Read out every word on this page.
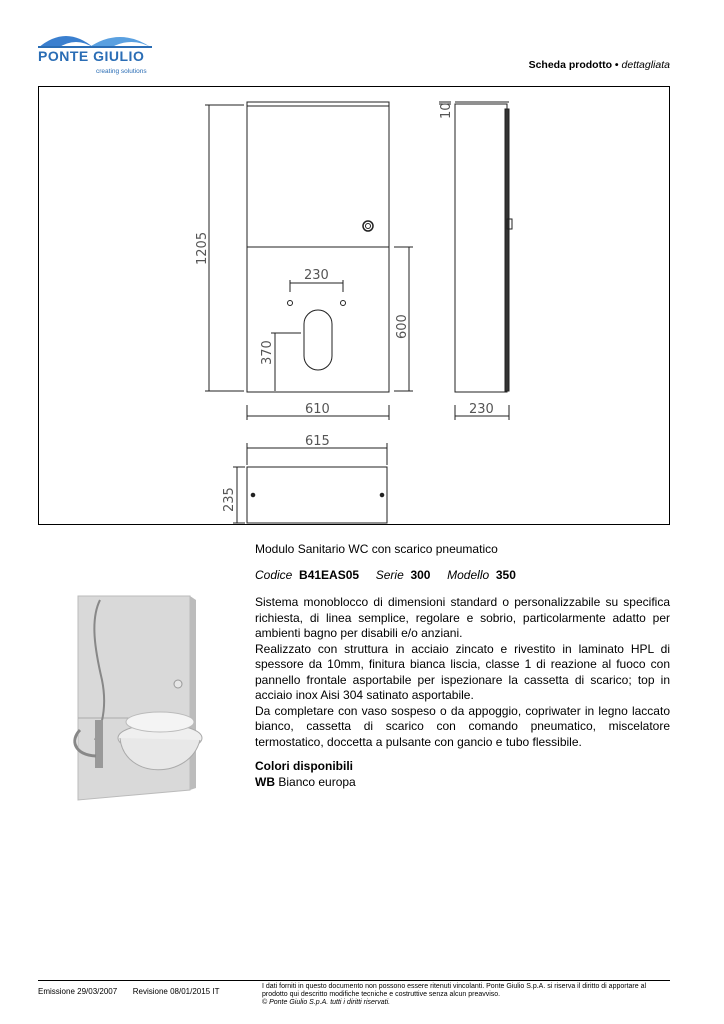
PONTE GIULIO
creating solutions
Scheda prodotto • dettagliata
1205
10
230
600
370
610	230
615
235
Modulo Sanitario WC con scarico pneumatico
Codice B41EAS05 Serie 300 Modello 350

Sistema monoblocco di dimensioni standard o personalizzabile su specifica richiesta, di linea semplice, regolare e sobrio, particolarmente adatto per ambienti bagno per disabili e/o anziani.

Realizzato con struttura in acciaio zincato e rivestito in laminato HPL di spessore da 10mm, finitura bianca liscia, classe 1 di reazione al fuoco con pannello frontale asportabile per ispezionare la cassetta di scarico; top in acciaio inox Aisi 304 satinato asportabile.

Da completare con vaso sospeso o da appoggio, copriwater in legno laccato bianco, cassetta di scarico con comando pneumatico, miscelatore termostatico, doccetta a pulsante con gancio e tubo flessibile.

Colori disponibili
WB Bianco europa
Emissione 29/03/2007 Revisione 08/01/2015 IT
I dati forniti in questo documento non possono essere ritenuti vincolanti. Ponte Giulio S.p.A. si riserva il diritto di apportare al prodotto qui descritto modifiche tecniche e costruttive senza alcun preavviso.
© Ponte Giulio S.p.A. tutti i diritti riservati.
